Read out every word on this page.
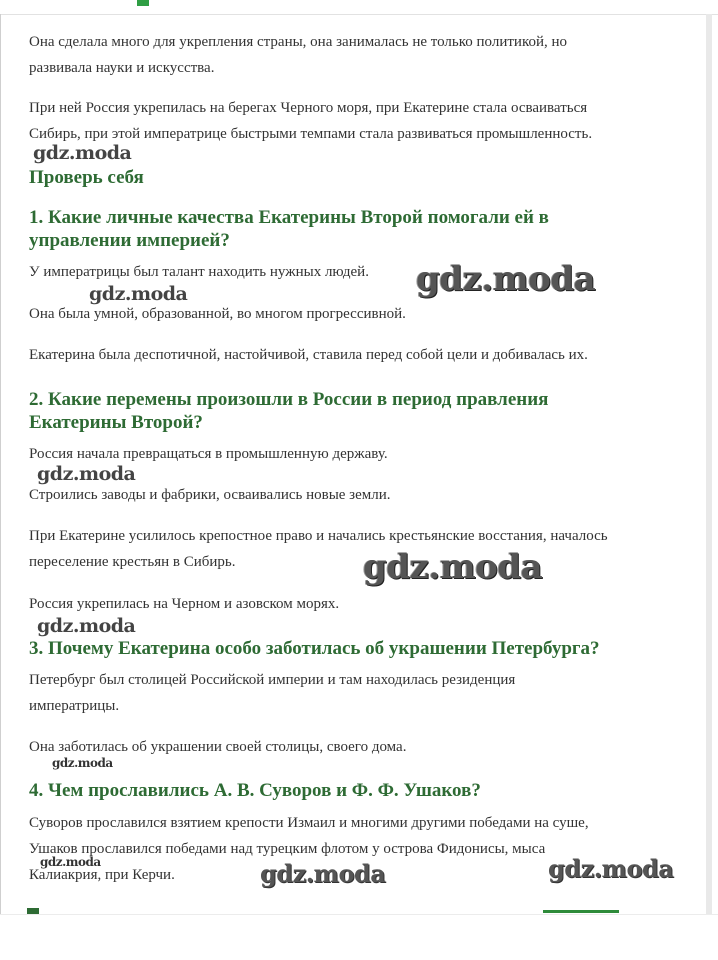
Она сделала много для укрепления страны, она занималась не только политикой, но
развивала науки и искусства.
При ней Россия укрепилась на берегах Черного моря, при Екатерине стала осваиваться
Сибирь, при этой императрице быстрыми темпами стала развиваться промышленность.
gdz.moda
Проверь себя
1. Какие личные качества Екатерины Второй помогали ей в
управлении империей?
У императрицы был талант находить нужных людей. gdz.moda
gdz.moda
Она была умной, образованной, во многом прогрессивной.
Екатерина была деспотичной, настойчивой, ставила перед собой цели и добивалась их.
2. Какие перемены произошли в России в период правления
Екатерины Второй?
Россия начала превращаться в промышленную державу.
gdz.moda
Строились заводы и фабрики, осваивались новые земли.
При Екатерине усилилось крепостное право и начались крестьянские восстания, началось
переселение крестьян в Сибирь.	gdz.moda
Россия укрепилась на Черном и азовском морях.
gdz.moda
3. Почему Екатерина особо заботилась об украшении Петербурга?
Петербург был столицей Российской империи и там находилась резиденция
императрицы.
Она заботилась об украшении своей столицы, своего дома.
gdz.moda
4. Чем прославились А. В. Суворов и Ф. Ф. Ушаков?
Суворов прославился взятием крепости Измаил и многими другими победами на суше,
Ушаков прославился победами над турецким флотом у острова Фидонисы, мыса
gdz.moda
Калиакрия, при Керчи.	gdz.moda	gdz.moda
